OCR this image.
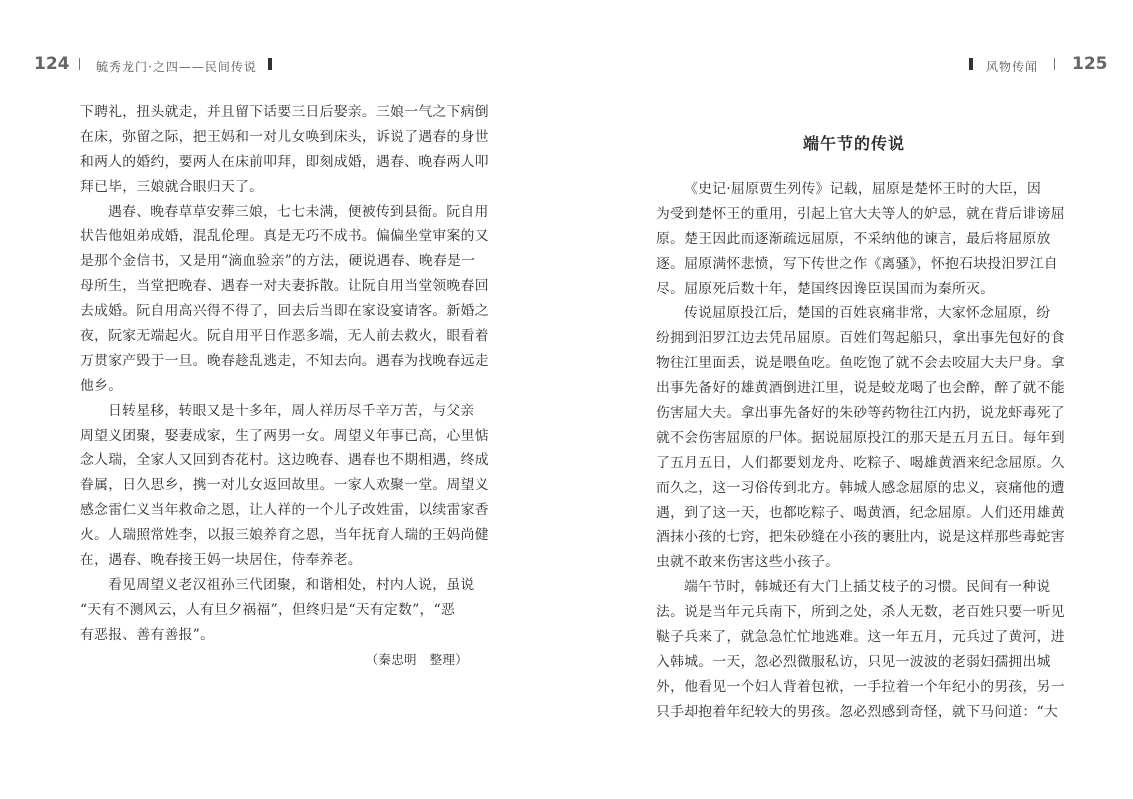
124 毓秀龙门·之四——民间传说	风物传闻 125
下聘礼，扭头就走，并且留下话要三日后娶亲。三娘一气之下病倒
在床，弥留之际，把王妈和一对儿女唤到床头，诉说了遇春的身世
和两人的婚约，要两人在床前叩拜，即刻成婚，遇春、晚春两人叩
拜已毕，三娘就合眼归天了。
遇春、晚春草草安葬三娘，七七未满，便被传到县衙。阮自用
状告他姐弟成婚，混乱伦理。真是无巧不成书。偏偏坐堂审案的又
是那个金信书，又是用“滴血验亲”的方法，硬说遇春、晚春是一
母所生，当堂把晚春、遇春一对夫妻拆散。让阮自用当堂领晚春回
去成婚。阮自用高兴得不得了，回去后当即在家设宴请客。新婚之
夜，阮家无端起火。阮自用平日作恶多端，无人前去救火，眼看着
万贯家产毁于一旦。晚春趁乱逃走，不知去向。遇春为找晚春远走
他乡。
日转星移，转眼又是十多年，周人祥历尽千辛万苦，与父亲
周望义团聚，娶妻成家，生了两男一女。周望义年事已高，心里惦
念人瑞，全家人又回到杏花村。这边晚春、遇春也不期相遇，终成
眷属，日久思乡，携一对儿女返回故里。一家人欢聚一堂。周望义
感念雷仁义当年救命之恩，让人祥的一个儿子改姓雷，以续雷家香
火。人瑞照常姓李，以报三娘养育之恩，当年抚育人瑞的王妈尚健
在，遇春、晚春接王妈一块居住，侍奉养老。
看见周望义老汉祖孙三代团聚，和谐相处，村内人说，虽说
“天有不测风云，人有旦夕祸福”，但终归是“天有定数”，“恶
有恶报、善有善报”。
（秦忠明　整理）
端午节的传说
《史记·屈原贾生列传》记载，屈原是楚怀王时的大臣，因
为受到楚怀王的重用，引起上官大夫等人的妒忌，就在背后诽谤屈
原。楚王因此而逐渐疏远屈原，不采纳他的谏言，最后将屈原放
逐。屈原满怀悲愤，写下传世之作《离骚》，怀抱石块投汨罗江自
尽。屈原死后数十年，楚国终因谗臣误国而为秦所灭。
传说屈原投江后，楚国的百姓哀痛非常，大家怀念屈原，纷
纷拥到汨罗江边去凭吊屈原。百姓们驾起船只，拿出事先包好的食
物往江里面丢，说是喂鱼吃。鱼吃饱了就不会去咬屈大夫尸身。拿
出事先备好的雄黄酒倒进江里，说是蛟龙喝了也会醉，醉了就不能
伤害屈大夫。拿出事先备好的朱砂等药物往江内扔，说龙虾毒死了
就不会伤害屈原的尸体。据说屈原投江的那天是五月五日。每年到
了五月五日，人们都要划龙舟、吃粽子、喝雄黄酒来纪念屈原。久
而久之，这一习俗传到北方。韩城人感念屈原的忠义，哀痛他的遭
遇，到了这一天，也都吃粽子、喝黄酒，纪念屈原。人们还用雄黄
酒抹小孩的七窍，把朱砂缝在小孩的裹肚内，说是这样那些毒蛇害
虫就不敢来伤害这些小孩子。
端午节时，韩城还有大门上插艾枝子的习惯。民间有一种说
法。说是当年元兵南下，所到之处，杀人无数，老百姓只要一听见
鞑子兵来了，就急急忙忙地逃难。这一年五月，元兵过了黄河，进
入韩城。一天，忽必烈微服私访，只见一波波的老弱妇孺拥出城
外，他看见一个妇人背着包袱，一手拉着一个年纪小的男孩，另一
只手却抱着年纪较大的男孩。忽必烈感到奇怪，就下马问道：“大
